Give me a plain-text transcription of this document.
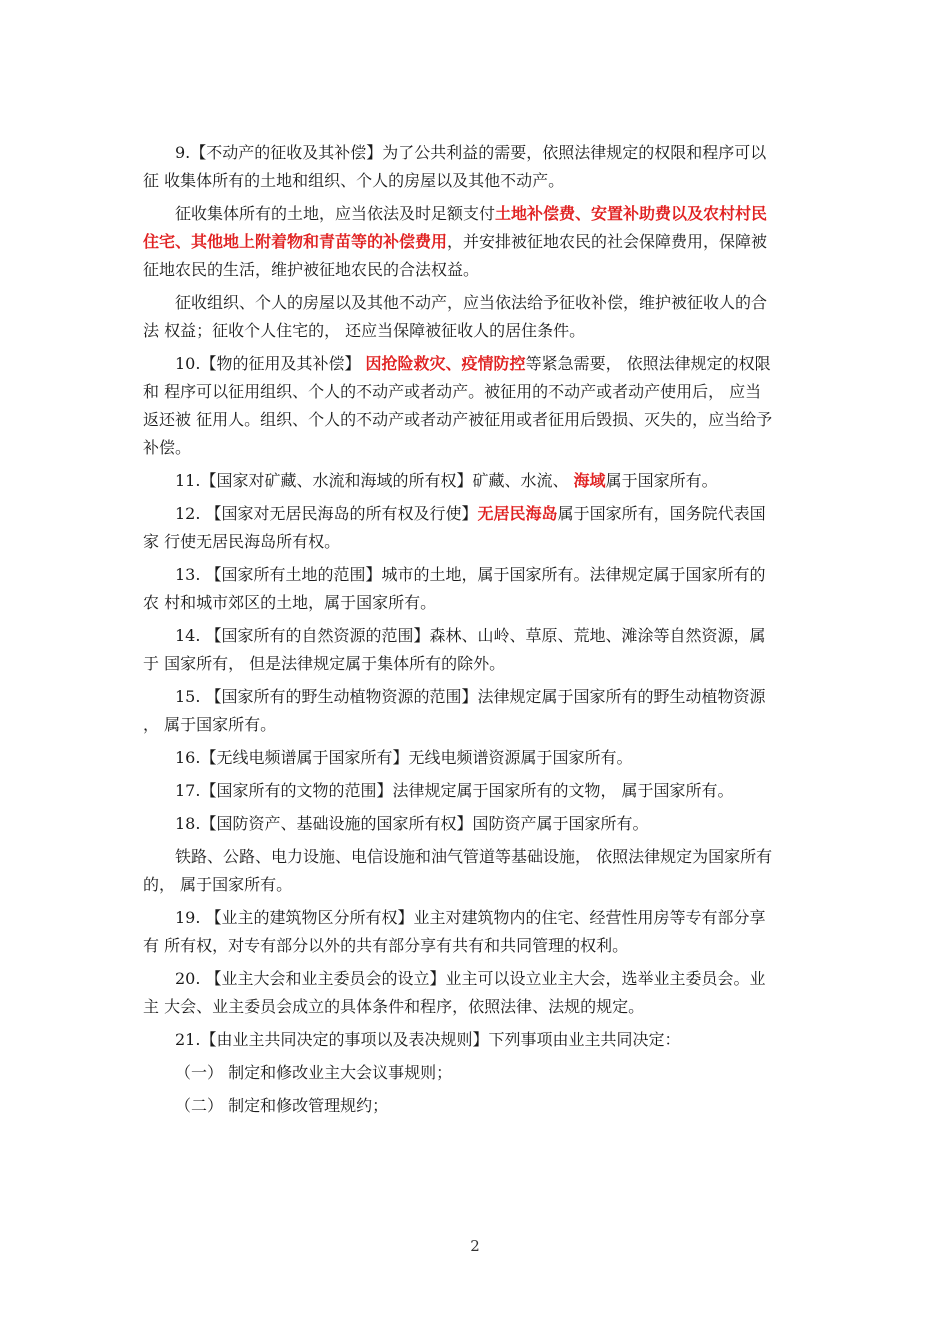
9.【不动产的征收及其补偿】为了公共利益的需要，依照法律规定的权限和程序可以
征 收集体所有的土地和组织、个人的房屋以及其他不动产。

征收集体所有的土地，应当依法及时足额支付土地补偿费、安置补助费以及农村村民
住宅、其他地上附着物和青苗等的补偿费用，并安排被征地农民的社会保障费用，保障被
征地农民的生活，维护被征地农民的合法权益。

征收组织、个人的房屋以及其他不动产，应当依法给予征收补偿，维护被征收人的合
法 权益；征收个人住宅的， 还应当保障被征收人的居住条件。

10.【物的征用及其补偿】 因抢险救灾、疫情防控等紧急需要， 依照法律规定的权限
和 程序可以征用组织、个人的不动产或者动产。被征用的不动产或者动产使用后， 应当
返还被 征用人。组织、个人的不动产或者动产被征用或者征用后毁损、灭失的，应当给予
补偿。

11.【国家对矿藏、水流和海域的所有权】矿藏、水流、 海域属于国家所有。

12. 【国家对无居民海岛的所有权及行使】无居民海岛属于国家所有，国务院代表国
家 行使无居民海岛所有权。

13. 【国家所有土地的范围】城市的土地，属于国家所有。法律规定属于国家所有的
农 村和城市郊区的土地，属于国家所有。

14. 【国家所有的自然资源的范围】森林、山岭、草原、荒地、滩涂等自然资源，属
于 国家所有， 但是法律规定属于集体所有的除外。

15. 【国家所有的野生动植物资源的范围】法律规定属于国家所有的野生动植物资源
， 属于国家所有。

16.【无线电频谱属于国家所有】无线电频谱资源属于国家所有。

17.【国家所有的文物的范围】法律规定属于国家所有的文物， 属于国家所有。

18.【国防资产、基础设施的国家所有权】国防资产属于国家所有。

铁路、公路、电力设施、电信设施和油气管道等基础设施， 依照法律规定为国家所有
的， 属于国家所有。

19. 【业主的建筑物区分所有权】业主对建筑物内的住宅、经营性用房等专有部分享
有 所有权，对专有部分以外的共有部分享有共有和共同管理的权利。

20. 【业主大会和业主委员会的设立】业主可以设立业主大会，选举业主委员会。业
主 大会、业主委员会成立的具体条件和程序，依照法律、法规的规定。

21.【由业主共同决定的事项以及表决规则】下列事项由业主共同决定：

（一） 制定和修改业主大会议事规则；

（二） 制定和修改管理规约；

2
